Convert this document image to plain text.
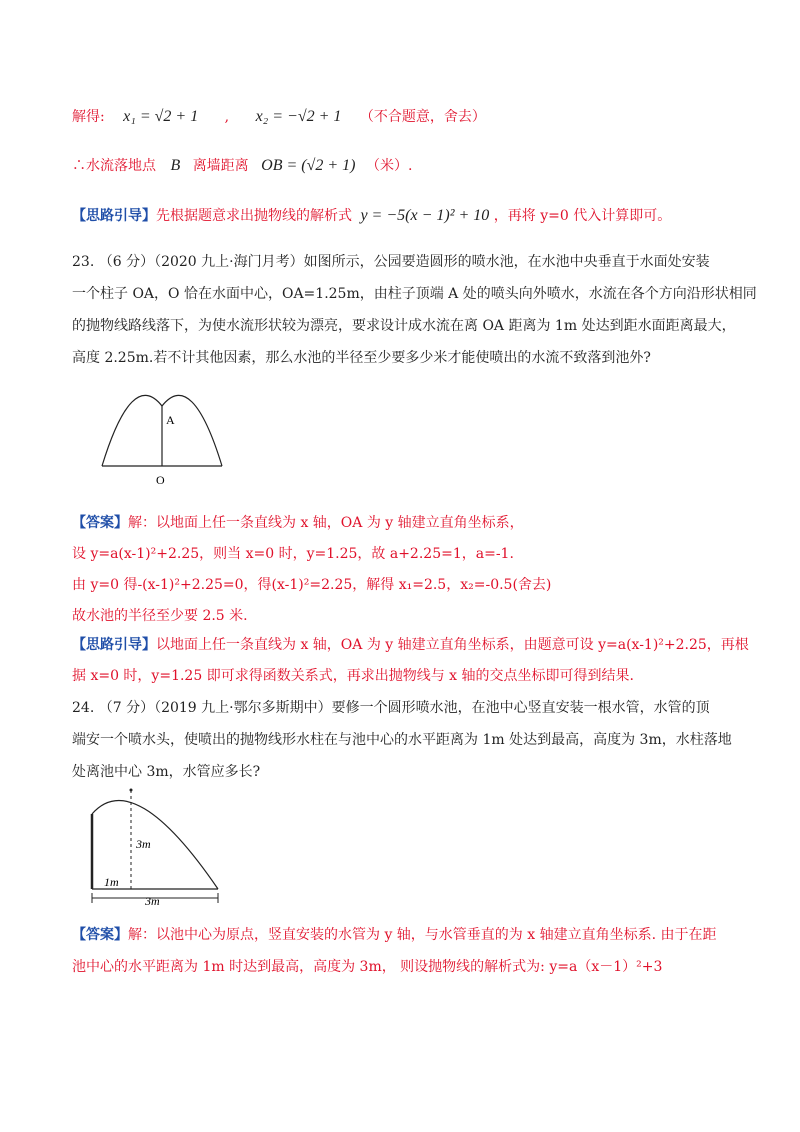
解得: x₁ = √2 + 1 , x₂ = −√2 + 1 （不合题意，舍去）
∴水流落地点 B 离墙距离 OB = (√2 + 1) （米）.
【思路引导】先根据题意求出抛物线的解析式 y = −5(x − 1)² + 10 ，再将 y=0 代入计算即可。
23. （6 分）（2020 九上·海门月考）如图所示，公园要造圆形的喷水池，在水池中央垂直于水面处安装
一个柱子 OA，O 恰在水面中心，OA=1.25m，由柱子顶端 A 处的喷头向外喷水，水流在各个方向沿形状相同
的抛物线路线落下，为使水流形状较为漂亮，要求设计成水流在离 OA 距离为 1m 处达到距水面距离最大，
高度 2.25m.若不计其他因素，那么水池的半径至少要多少米才能使喷出的水流不致落到池外?
A
O
【答案】解：以地面上任一条直线为 x 轴，OA 为 y 轴建立直角坐标系，
设 y=a(x-1)²+2.25，则当 x=0 时，y=1.25，故 a+2.25=1，a=-1.
由 y=0 得-(x-1)²+2.25=0，得(x-1)²=2.25，解得 x₁=2.5，x₂=-0.5(舍去)
故水池的半径至少要 2.5 米.
【思路引导】以地面上任一条直线为 x 轴，OA 为 y 轴建立直角坐标系，由题意可设 y=a(x-1)²+2.25，再根
据 x=0 时，y=1.25 即可求得函数关系式，再求出抛物线与 x 轴的交点坐标即可得到结果.
24. （7 分）（2019 九上·鄂尔多斯期中）要修一个圆形喷水池，在池中心竖直安装一根水管，水管的顶
端安一个喷水头，使喷出的抛物线形水柱在与池中心的水平距离为 1m 处达到最高，高度为 3m，水柱落地
处离池中心 3m，水管应多长?
3m
1m
3m
【答案】解：以池中心为原点，竖直安装的水管为 y 轴，与水管垂直的为 x 轴建立直角坐标系. 由于在距
池中心的水平距离为 1m 时达到最高，高度为 3m， 则设抛物线的解析式为: y=a（x－1）²+3
